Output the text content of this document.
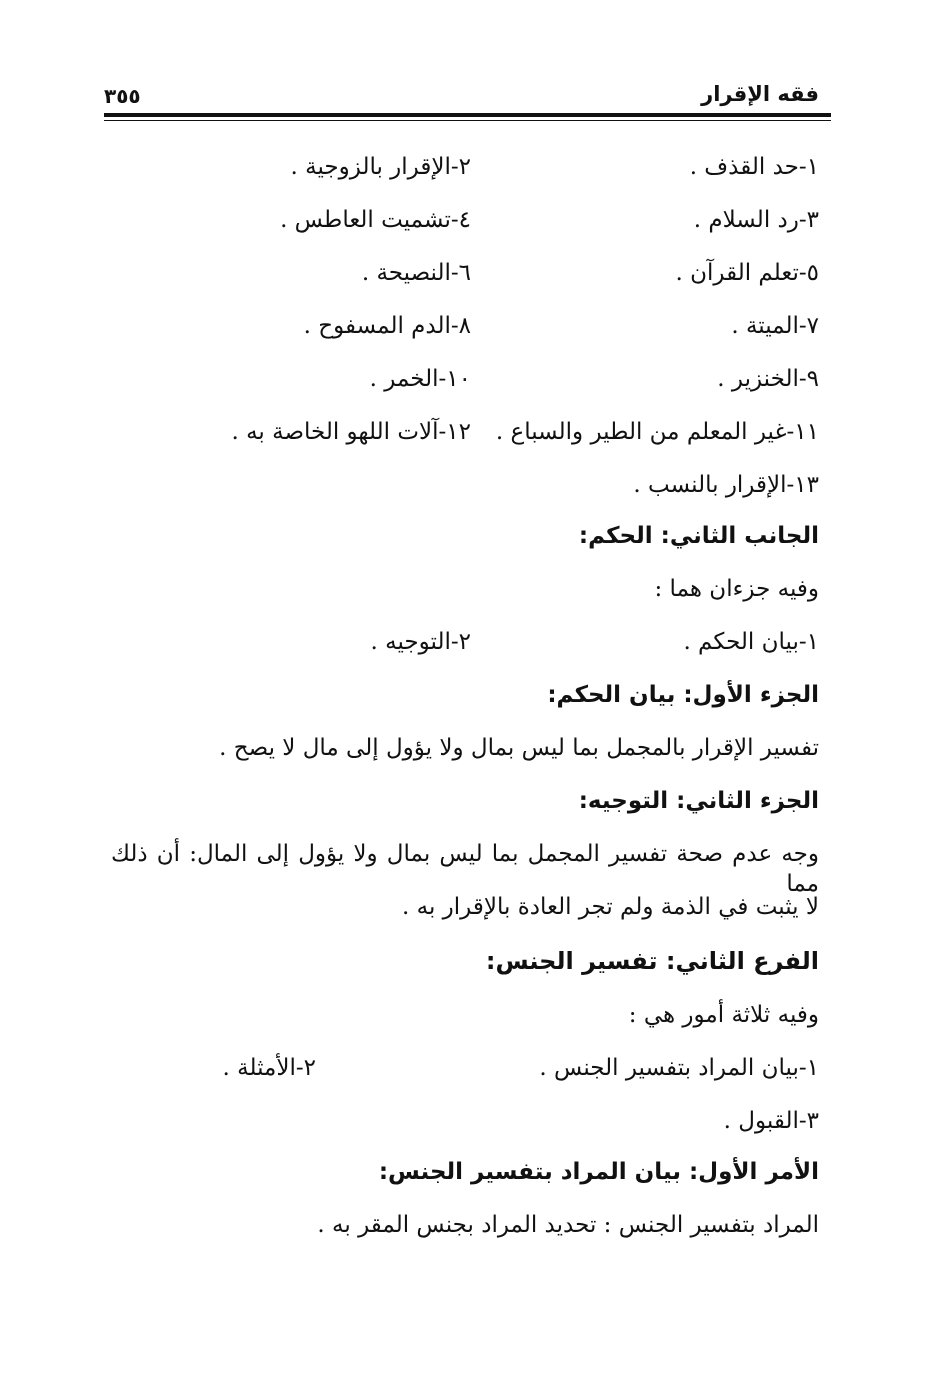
فقه الإقرار
٣٥٥
١-حد القذف .
٢-الإقرار بالزوجية .
٣-رد السلام .
٤-تشميت العاطس .
٥-تعلم القرآن .
٦-النصيحة .
٧-الميتة .
٨-الدم المسفوح .
٩-الخنزير .
١٠-الخمر .
١١-غير المعلم من الطير والسباع .
١٢-آلات اللهو الخاصة به .
١٣-الإقرار بالنسب .
الجانب الثاني: الحكم:
وفيه جزءان هما :
١-بيان الحكم .
٢-التوجيه .
الجزء الأول: بيان الحكم:
تفسير الإقرار بالمجمل بما ليس بمال ولا يؤول إلى مال لا يصح .
الجزء الثاني: التوجيه:
وجه عدم صحة تفسير المجمل بما ليس بمال ولا يؤول إلى المال: أن ذلك مما
لا يثبت في الذمة ولم تجر العادة بالإقرار به .
الفرع الثاني: تفسير الجنس:
وفيه ثلاثة أمور هي :
١-بيان المراد بتفسير الجنس .
٢-الأمثلة .
٣-القبول .
الأمر الأول: بيان المراد بتفسير الجنس:
المراد بتفسير الجنس : تحديد المراد بجنس المقر به .
